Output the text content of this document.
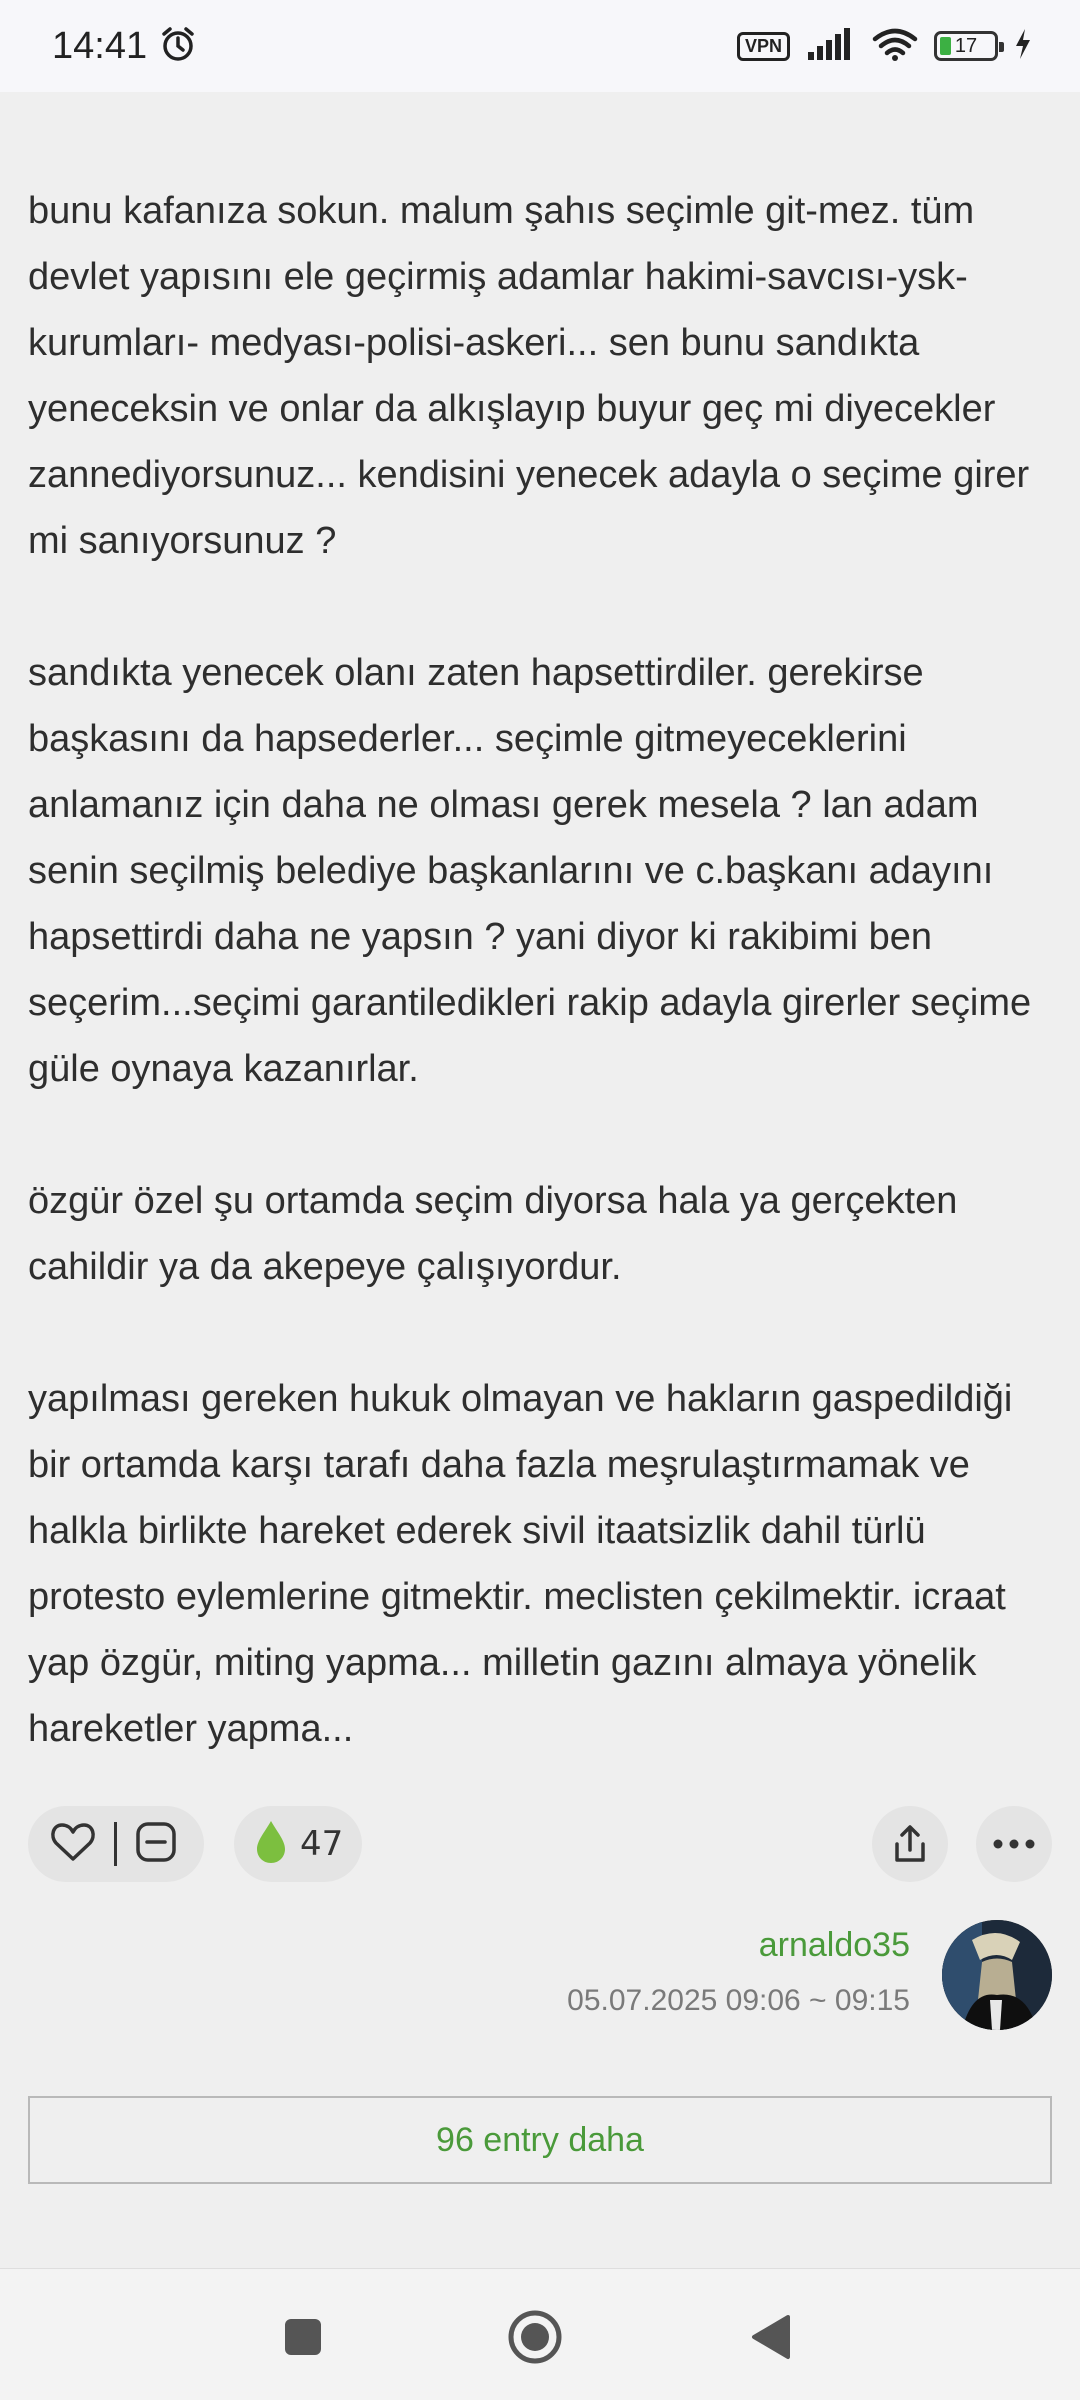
14:41	VPN	17

bunu kafanıza sokun. malum şahıs seçimle git-mez. tüm devlet yapısını ele geçirmiş adamlar hakimi-savcısı-ysk-kurumları- medyası-polisi-askeri... sen bunu sandıkta yeneceksin ve onlar da alkışlayıp buyur geç mi diyecekler zannediyorsunuz... kendisini yenecek adayla o seçime girer mi sanıyorsunuz ?

sandıkta yenecek olanı zaten hapsettirdiler. gerekirse başkasını da hapsederler... seçimle gitmeyeceklerini anlamanız için daha ne olması gerek mesela ? lan adam senin seçilmiş belediye başkanlarını ve c.başkanı adayını hapsettirdi daha ne yapsın ? yani diyor ki rakibimi ben seçerim...seçimi garantiledikleri rakip adayla girerler seçime güle oynaya kazanırlar.

özgür özel şu ortamda seçim diyorsa hala ya gerçekten cahildir ya da akepeye çalışıyordur.

yapılması gereken hukuk olmayan ve hakların gaspedildiği bir ortamda karşı tarafı daha fazla meşrulaştırmamak ve halkla birlikte hareket ederek sivil itaatsizlik dahil türlü protesto eylemlerine gitmektir. meclisten çekilmektir. icraat yap özgür, miting yapma... milletin gazını almaya yönelik hareketler yapma...

47
arnaldo35
05.07.2025 09:06 ~ 09:15
96 entry daha
